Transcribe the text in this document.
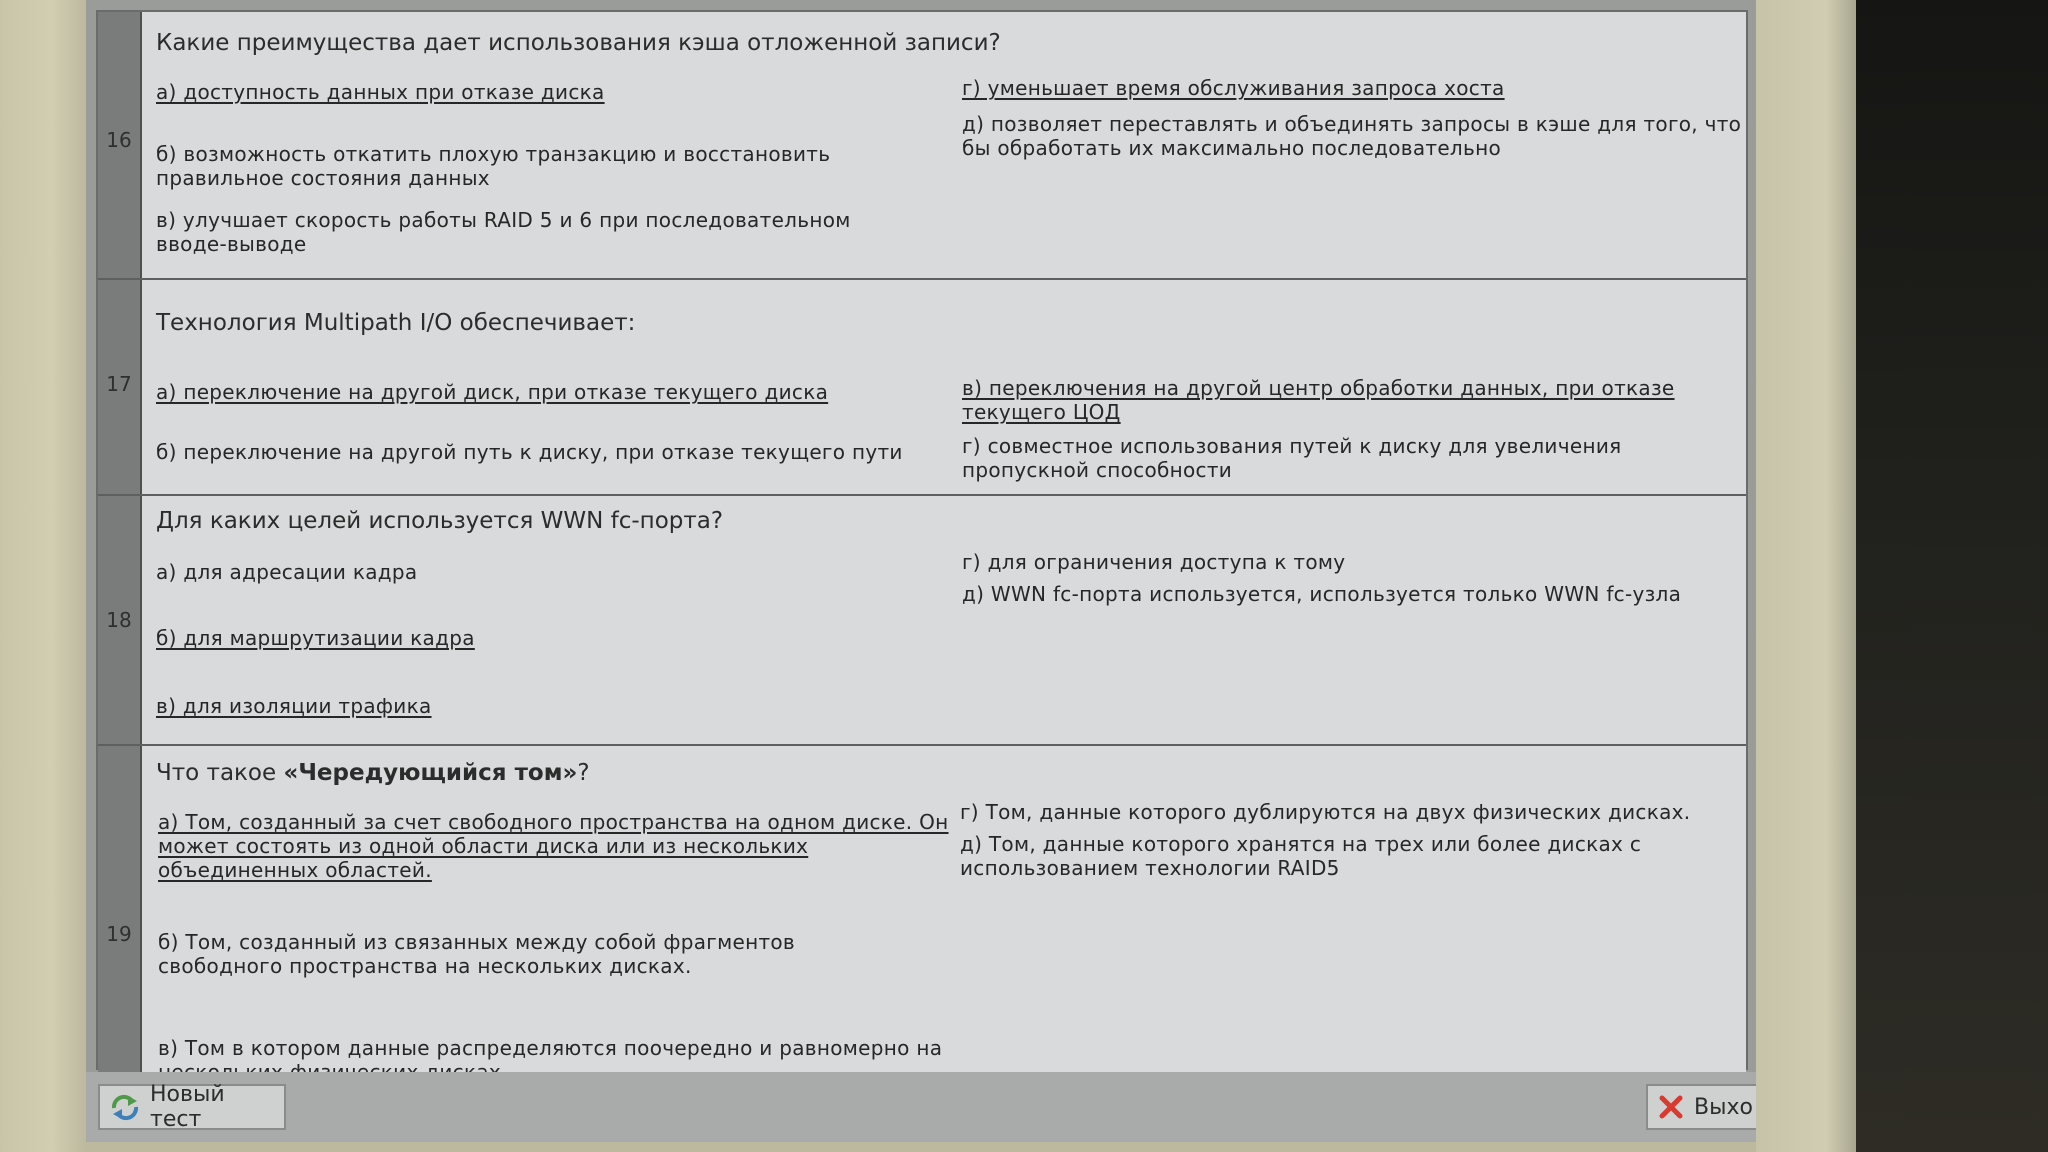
16
Какие преимущества дает использования кэша отложенной записи?
а) доступность данных при отказе диска
б) возможность откатить плохую транзакцию и восстановить правильное состояния данных
в) улучшает скорость работы RAID 5 и 6 при последовательном вводе-выводе
г) уменьшает время обслуживания запроса хоста
д) позволяет переставлять и объединять запросы в кэше для того, что бы обработать их максимально последовательно
17
Технология Multipath I/O обеспечивает:
а) переключение на другой диск, при отказе текущего диска
б) переключение на другой путь к диску, при отказе текущего пути
в) переключения на другой центр обработки данных, при отказе текущего ЦОД
г) совместное использования путей к диску для увеличения пропускной способности
18
Для каких целей используется WWN fc-порта?
а) для адресации кадра
б) для маршрутизации кадра
в) для изоляции трафика
г) для ограничения доступа к тому
д) WWN fc-порта используется, используется только WWN fc-узла
19
Что такое «Чередующийся том»?
а) Том, созданный за счет свободного пространства на одном диске. Он может состоять из одной области диска или из нескольких объединенных областей.
б) Том, созданный из связанных между собой фрагментов свободного пространства на нескольких дисках.
в) Том в котором данные распределяются поочередно и равномерно на
г) Том, данные которого дублируются на двух физических дисках.
д) Том, данные которого хранятся на трех или более дисках с использованием технологии RAID5
Новый тест	Выхо
